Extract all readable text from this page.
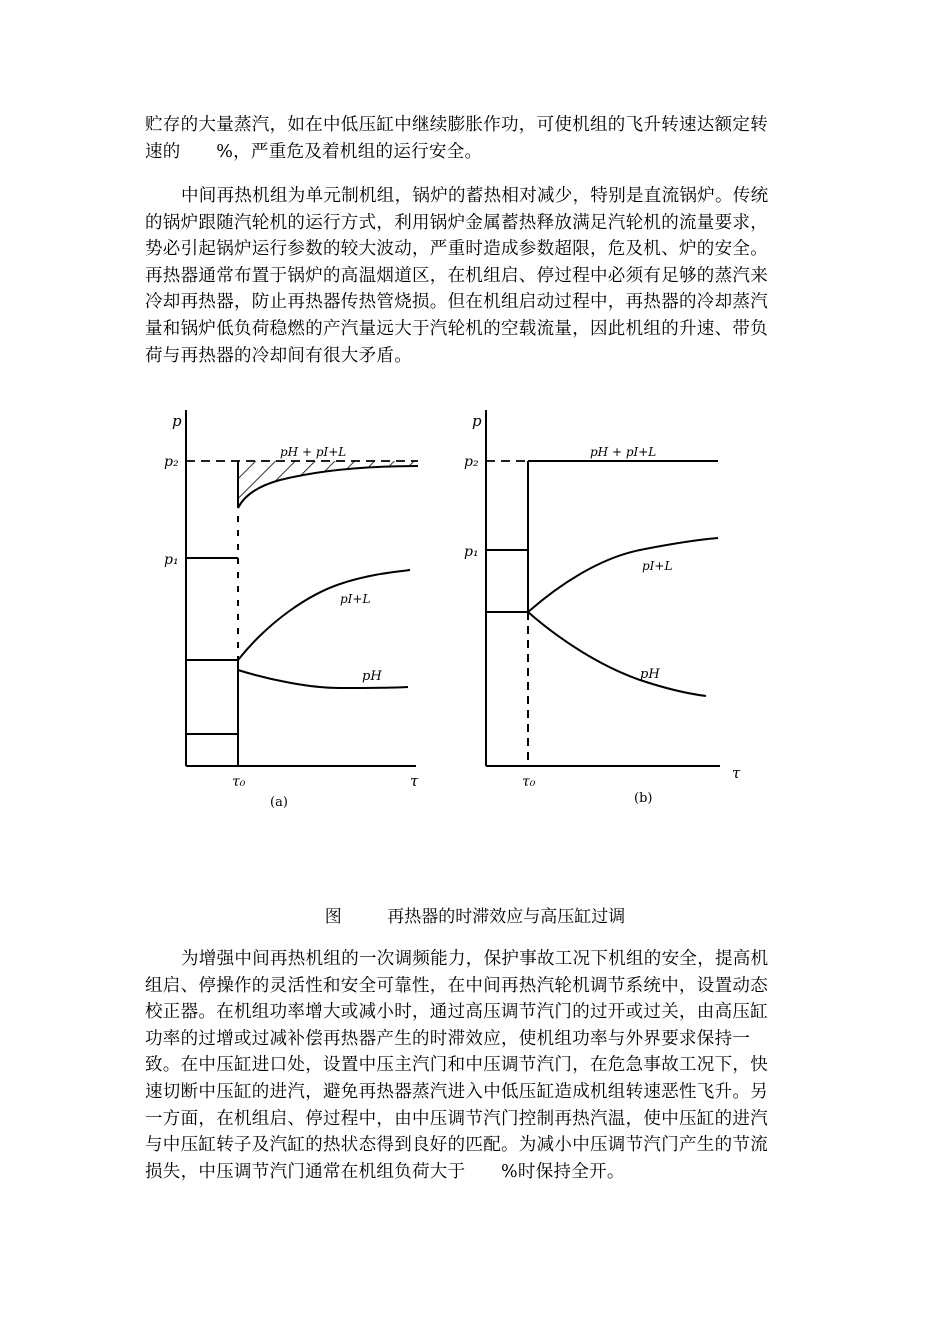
贮存的大量蒸汽，如在中低压缸中继续膨胀作功，可使机组的飞升转速达额定转
速的　　%，严重危及着机组的运行安全。
中间再热机组为单元制机组，锅炉的蓄热相对减少，特别是直流锅炉。传统
的锅炉跟随汽轮机的运行方式，利用锅炉金属蓄热释放满足汽轮机的流量要求，
势必引起锅炉运行参数的较大波动，严重时造成参数超限，危及机、炉的安全。
再热器通常布置于锅炉的高温烟道区，在机组启、停过程中必须有足够的蒸汽来
冷却再热器，防止再热器传热管烧损。但在机组启动过程中，再热器的冷却蒸汽
量和锅炉低负荷稳燃的产汽量远大于汽轮机的空载流量，因此机组的升速、带负
荷与再热器的冷却间有很大矛盾。
p
τ
p₂
τ₀
pH + pI+L
p₁
pI+L
pH
(a)
p
τ
p₂
pH + pI+L
τ₀
p₁
pI+L
pH
(b)
图	再热器的时滞效应与高压缸过调
为增强中间再热机组的一次调频能力，保护事故工况下机组的安全，提高机
组启、停操作的灵活性和安全可靠性，在中间再热汽轮机调节系统中，设置动态
校正器。在机组功率增大或减小时，通过高压调节汽门的过开或过关，由高压缸
功率的过增或过减补偿再热器产生的时滞效应，使机组功率与外界要求保持一
致。在中压缸进口处，设置中压主汽门和中压调节汽门，在危急事故工况下，快
速切断中压缸的进汽，避免再热器蒸汽进入中低压缸造成机组转速恶性飞升。另
一方面，在机组启、停过程中，由中压调节汽门控制再热汽温，使中压缸的进汽
与中压缸转子及汽缸的热状态得到良好的匹配。为减小中压调节汽门产生的节流
损失，中压调节汽门通常在机组负荷大于　　%时保持全开。
